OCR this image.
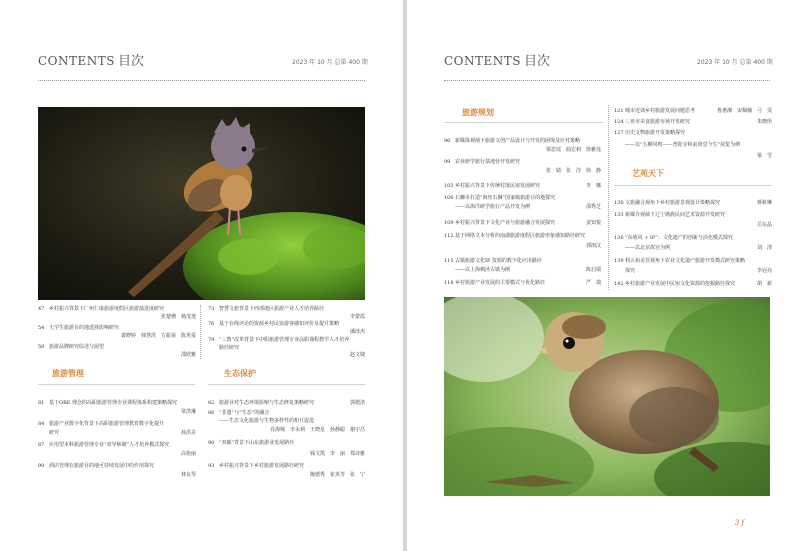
CONTENTS 目次	2023 年 10 月 总第 400 期
47 乡村振兴背景下广州仁康旅游度假区旅游演进度研究
张楚珊　杨茂逸
54 大学生旅游目的地选择影响研究
裴晓婷　韩慧洪　方振第　陈英爱
58 旅游品牌研究综述与展望
邵欣雅
73 智慧文旅背景下西部地区旅游产业人才培养路径
李蒙霞
76 基于在线评论的资源乡村民宿游客感知评价及提升策略
潘泽杰
79 “三教”改革背景下中职旅游管理专业高职课程教学人才培养
路径研究
赵文婕
旅游管理	生态保护
81 基于OBE 理念的高职旅游管理专业课程体系构建策略探究
常洪琳
84 旅游产业数字化背景下高职旅游管理教育数字化提升
研究	孙洪美
87 应用型本科旅游管理专业“双导师制”人才培养模式探究
高艳丽
90 酒店管理在旅游目的地可持续发展中的作用探究
林友琴
82 旅游业对生态环境影响与生态修复策略研究	郭德清
86 “非遗”与“生态”的融合
——生态文化旅游与生物多样性的相互促进
肖海城　李永利　王晓星　孙静聪　谢宇昌
90 “双碳”背景下山东旅游业发展路径
钱文凯　李　丽　郑诗雅
93 乡村振兴背景下乡村旅游发展路径研究
陶德秀　崔英寿　张　宁
CONTENTS 目次	2023 年 10 月 总第 400 期
旅游规划
96 新媒体视域下旅游文创产品设计与开发的困境及应对策略
梁思瑶　曲宏莉　徐雅莲
99 农业研学旅行基地营开发研究
张　婧　张　洋　徐　静
103乡村振兴背景下传统村落民宿发展研究	李　娜
106石狮市打造“海丝石狮”国家级旅游目的地探究
——以海洋研学旅行产品开发为例	邵秀芝
109乡村振兴背景下文化产业与旅游融合发展探究	姜知悦
112基于网络文本分析的南湖旅游度假区旅游形象感知路径研究
郭雨汶
115古镇旅游文化IP 资源的数字化应用路径
——以上海枫泾古镇为例	陈启瑞
118乡村旅游产业发展的主要模式与优化路径	严　瑞
121城市近郊乡村旅游发展问题思考	鲁惠湘　宋佩楠　弓　雯
124三亚市美食旅游市场开发研究	朱晓彤
127历史文物旅游开发策略探究
——以“五柳风鸣——普陀寺和前贤堂今生”展览为例
梁　雪
艺苑天下
130文旅融合视角下乡村旅游景观设计策略探究	蒋筱琳
133新媒介视域下辽宁满族民间艺术资源开发研究
岳东晶
136“东坡风 + IP”：文化遗产的创新与活化模式探究
——以北京故宫为例	刘　清
139利云裕美非视角下农业文化遗产旅游开发模式研究策略
探究	李冠亮
142乡村旅游产业发展中民宿文化资源的挖掘路径探究	胡　新
3 f
